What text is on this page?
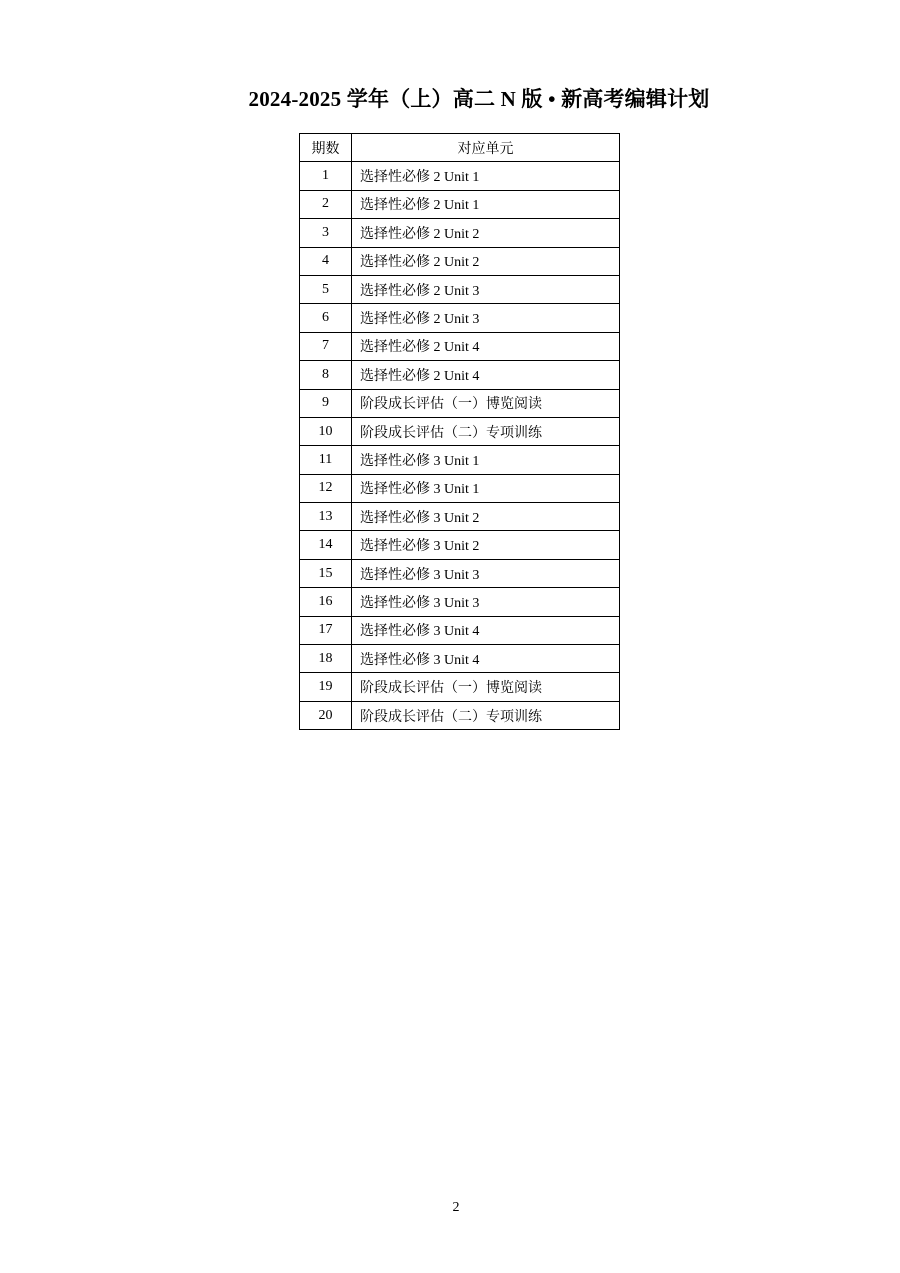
2024-2025 学年（上）高二 N 版 • 新高考编辑计划
期数	对应单元
1	选择性必修 2 Unit 1
2	选择性必修 2 Unit 1
3	选择性必修 2 Unit 2
4	选择性必修 2 Unit 2
5	选择性必修 2 Unit 3
6	选择性必修 2 Unit 3
7	选择性必修 2 Unit 4
8	选择性必修 2 Unit 4
9	阶段成长评估（一）博览阅读
10	阶段成长评估（二）专项训练
11	选择性必修 3 Unit 1
12	选择性必修 3 Unit 1
13	选择性必修 3 Unit 2
14	选择性必修 3 Unit 2
15	选择性必修 3 Unit 3
16	选择性必修 3 Unit 3
17	选择性必修 3 Unit 4
18	选择性必修 3 Unit 4
19	阶段成长评估（一）博览阅读
20	阶段成长评估（二）专项训练
2
